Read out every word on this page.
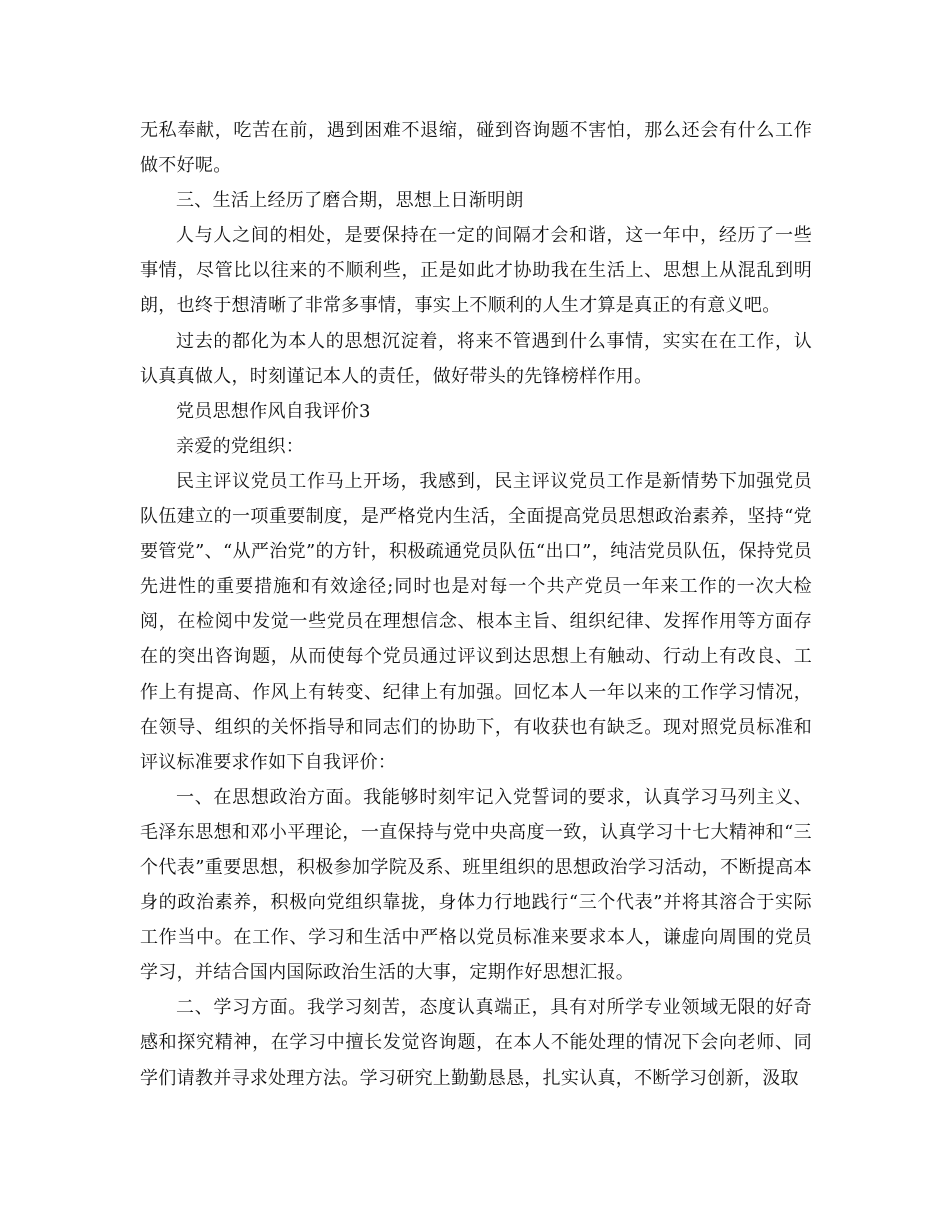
无私奉献，吃苦在前，遇到困难不退缩，碰到咨询题不害怕，那么还会有什么工作做不好呢。

三、生活上经历了磨合期，思想上日渐明朗

人与人之间的相处，是要保持在一定的间隔才会和谐，这一年中，经历了一些事情，尽管比以往来的不顺利些，正是如此才协助我在生活上、思想上从混乱到明朗，也终于想清晰了非常多事情，事实上不顺利的人生才算是真正的有意义吧。

过去的都化为本人的思想沉淀着，将来不管遇到什么事情，实实在在工作，认认真真做人，时刻谨记本人的责任，做好带头的先锋榜样作用。

党员思想作风自我评价3

亲爱的党组织：

民主评议党员工作马上开场，我感到，民主评议党员工作是新情势下加强党员队伍建立的一项重要制度，是严格党内生活，全面提高党员思想政治素养，坚持“党要管党”、“从严治党”的方针，积极疏通党员队伍“出口”，纯洁党员队伍，保持党员先进性的重要措施和有效途径;同时也是对每一个共产党员一年来工作的一次大检阅，在检阅中发觉一些党员在理想信念、根本主旨、组织纪律、发挥作用等方面存在的突出咨询题，从而使每个党员通过评议到达思想上有触动、行动上有改良、工作上有提高、作风上有转变、纪律上有加强。回忆本人一年以来的工作学习情况，在领导、组织的关怀指导和同志们的协助下，有收获也有缺乏。现对照党员标准和评议标准要求作如下自我评价：

一、在思想政治方面。我能够时刻牢记入党誓词的要求，认真学习马列主义、毛泽东思想和邓小平理论，一直保持与党中央高度一致，认真学习十七大精神和“三个代表”重要思想，积极参加学院及系、班里组织的思想政治学习活动，不断提高本身的政治素养，积极向党组织靠拢，身体力行地践行“三个代表”并将其溶合于实际工作当中。在工作、学习和生活中严格以党员标准来要求本人，谦虚向周围的党员学习，并结合国内国际政治生活的大事，定期作好思想汇报。

二、学习方面。我学习刻苦，态度认真端正，具有对所学专业领域无限的好奇感和探究精神，在学习中擅长发觉咨询题，在本人不能处理的情况下会向老师、同学们请教并寻求处理方法。学习研究上勤勤恳恳，扎实认真，不断学习创新，汲取
